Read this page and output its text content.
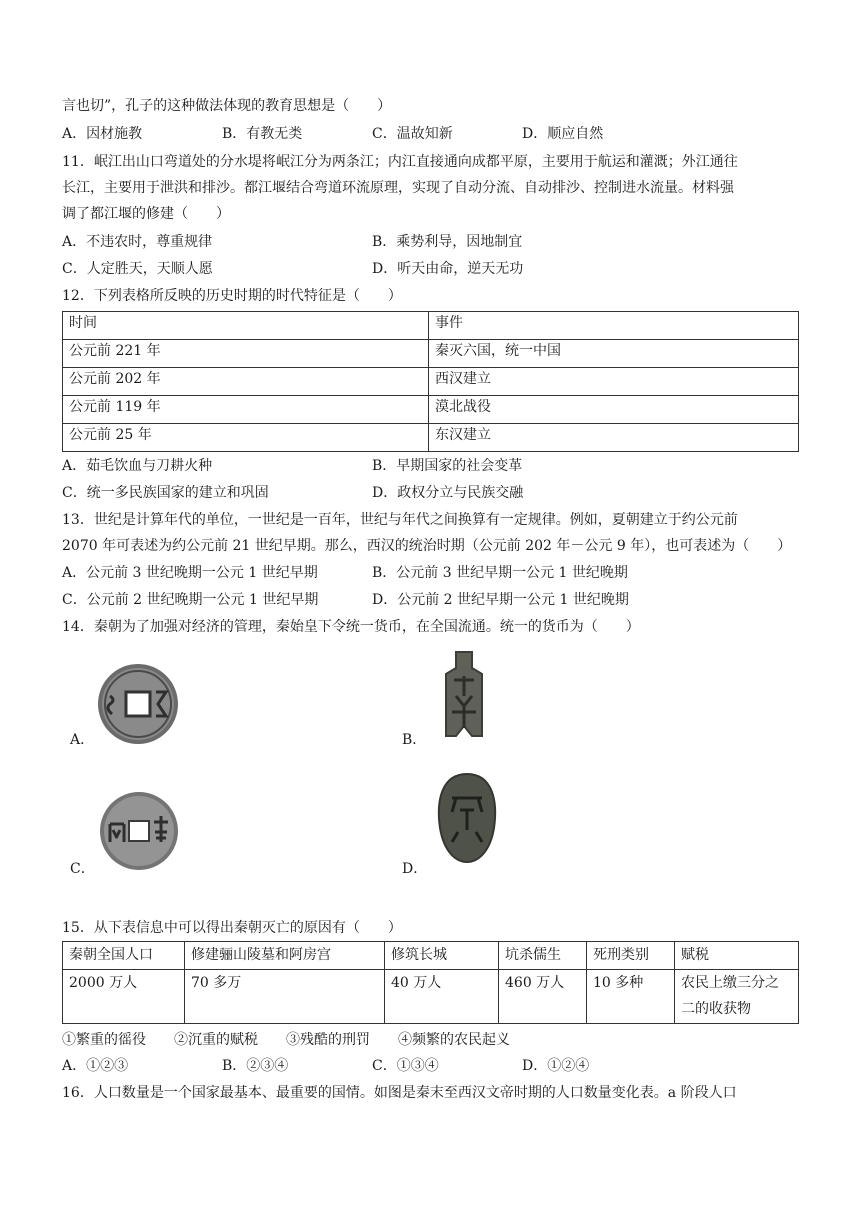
言也切”，孔子的这种做法体现的教育思想是（　　）
A．因材施教	B．有教无类	C．温故知新	D．顺应自然
11．岷江出山口弯道处的分水堤将岷江分为两条江；内江直接通向成都平原，主要用于航运和灌溉；外江通往
长江，主要用于泄洪和排沙。都江堰结合弯道环流原理，实现了自动分流、自动排沙、控制进水流量。材料强
调了都江堰的修建（　　）
A．不违农时，尊重规律	B．乘势利导，因地制宜
C．人定胜天，天顺人愿	D．听天由命，逆天无功
12．下列表格所反映的历史时期的时代特征是（　　）
时间	事件
公元前 221 年	秦灭六国，统一中国
公元前 202 年	西汉建立
公元前 119 年	漠北战役
公元前 25 年	东汉建立
A．茹毛饮血与刀耕火种	B．早期国家的社会变革
C．统一多民族国家的建立和巩固	D．政权分立与民族交融
13．世纪是计算年代的单位，一世纪是一百年，世纪与年代之间换算有一定规律。例如，夏朝建立于约公元前
2070 年可表述为约公元前 21 世纪早期。那么，西汉的统治时期（公元前 202 年－公元 9 年），也可表述为（　　）
A．公元前 3 世纪晚期一公元 1 世纪早期	B．公元前 3 世纪早期一公元 1 世纪晚期
C．公元前 2 世纪晚期一公元 1 世纪早期	D．公元前 2 世纪早期一公元 1 世纪晚期
14．秦朝为了加强对经济的管理，秦始皇下令统一货币，在全国流通。统一的货币为（　　）
A．	B．
C．	D．
15．从下表信息中可以得出秦朝灭亡的原因有（　　）
秦朝全国人口	修建骊山陵墓和阿房宫	修筑长城	坑杀儒生	死刑类别	赋税
2000 万人	70 多万	40 万人	460 万人	10 多种	农民上缴三分之
二的收获物
①繁重的徭役　　②沉重的赋税　　③残酷的刑罚　　④频繁的农民起义
A．①②③	B．②③④	C．①③④	D．①②④
16．人口数量是一个国家最基本、最重要的国情。如图是秦末至西汉文帝时期的人口数量变化表。a 阶段人口
